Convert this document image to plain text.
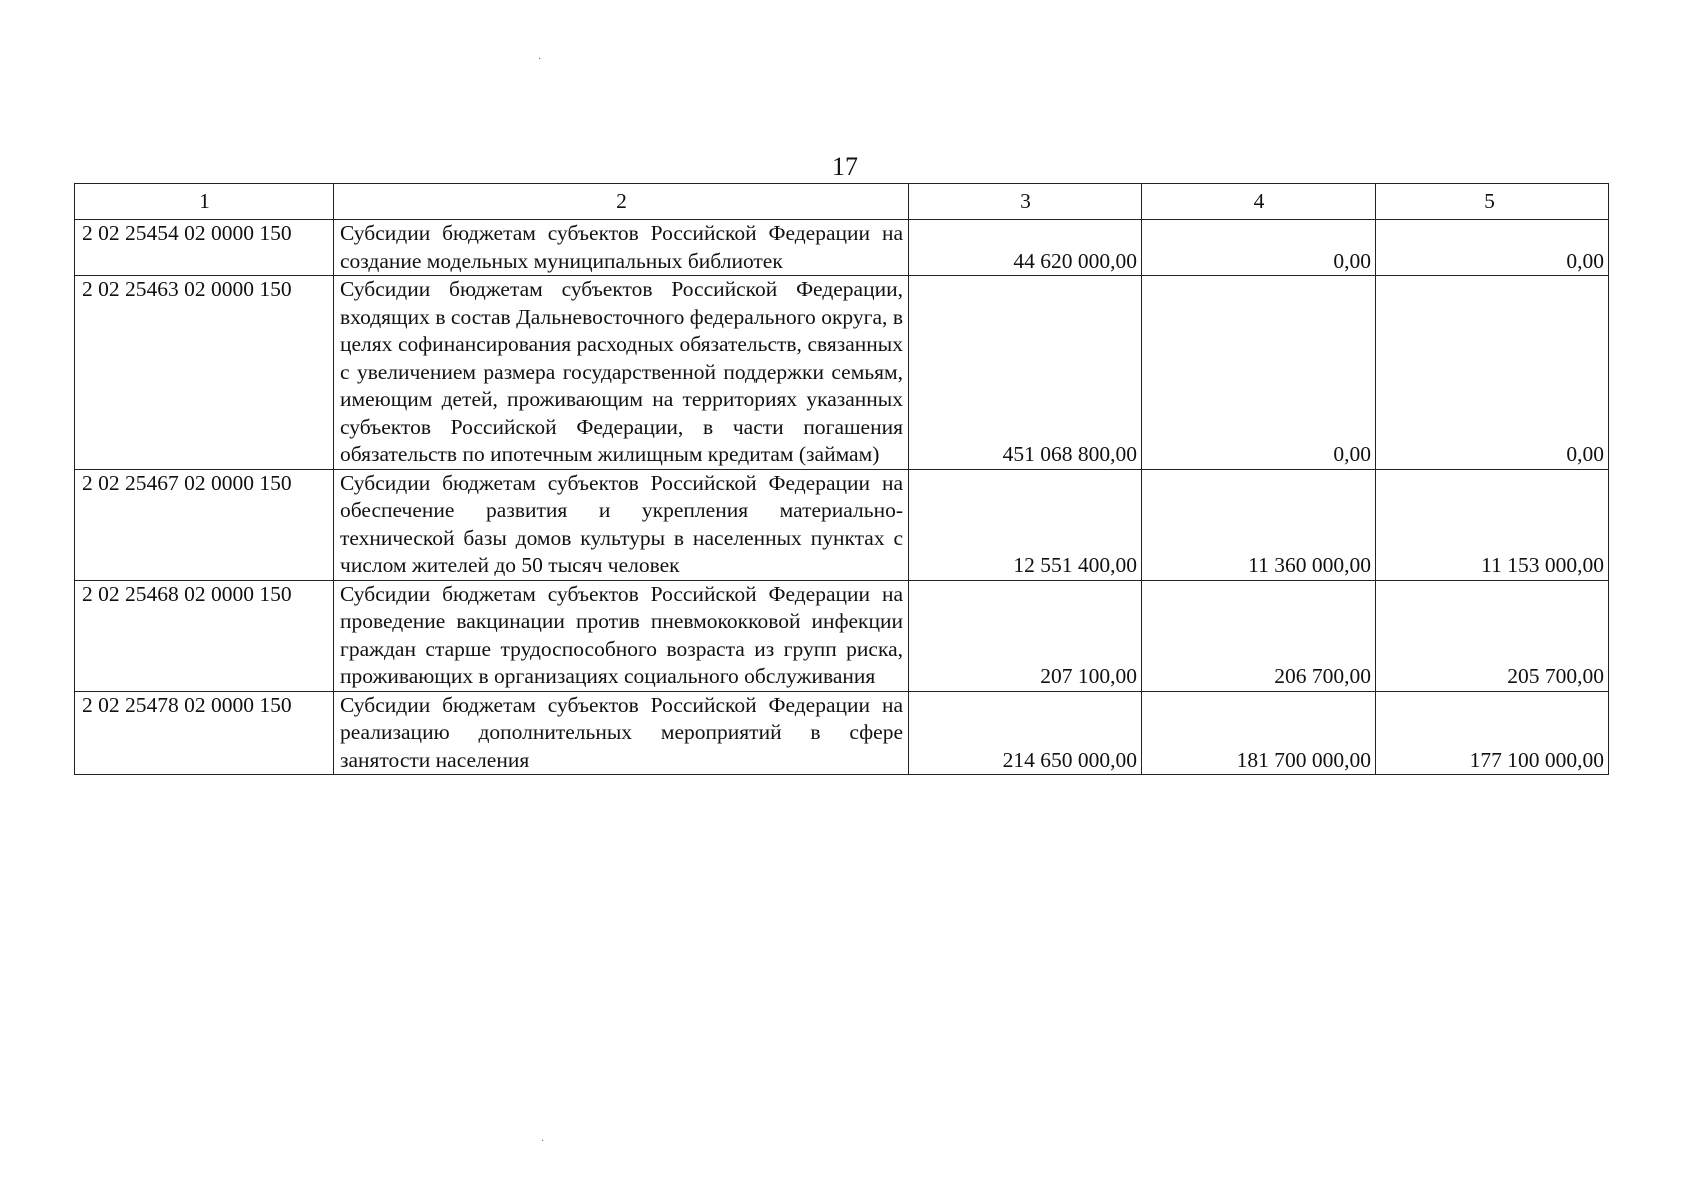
·
17
1	2	3	4	5
2 02 25454 02 0000 150	Субсидии бюджетам субъектов Российской Федерации на создание модельных муниципальных библиотек	44 620 000,00	0,00	0,00
2 02 25463 02 0000 150	Субсидии бюджетам субъектов Российской Федерации, входящих в состав Дальневосточного федерального округа, в целях софинансирования расходных обязательств, связанных с увеличением размера государственной поддержки семьям, имеющим детей, проживающим на территориях указанных субъектов Российской Федерации, в части погашения обязательств по ипотечным жилищным кредитам (займам)	451 068 800,00	0,00	0,00
2 02 25467 02 0000 150	Субсидии бюджетам субъектов Российской Федерации на обеспечение развития и укрепления материально-технической базы домов культуры в населенных пунктах с числом жителей до 50 тысяч человек	12 551 400,00	11 360 000,00	11 153 000,00
2 02 25468 02 0000 150	Субсидии бюджетам субъектов Российской Федерации на проведение вакцинации против пневмококковой инфекции граждан старше трудоспособного возраста из групп риска, проживающих в организациях социального обслуживания	207 100,00	206 700,00	205 700,00
2 02 25478 02 0000 150	Субсидии бюджетам субъектов Российской Федерации на реализацию дополнительных мероприятий в сфере занятости населения	214 650 000,00	181 700 000,00	177 100 000,00
·
